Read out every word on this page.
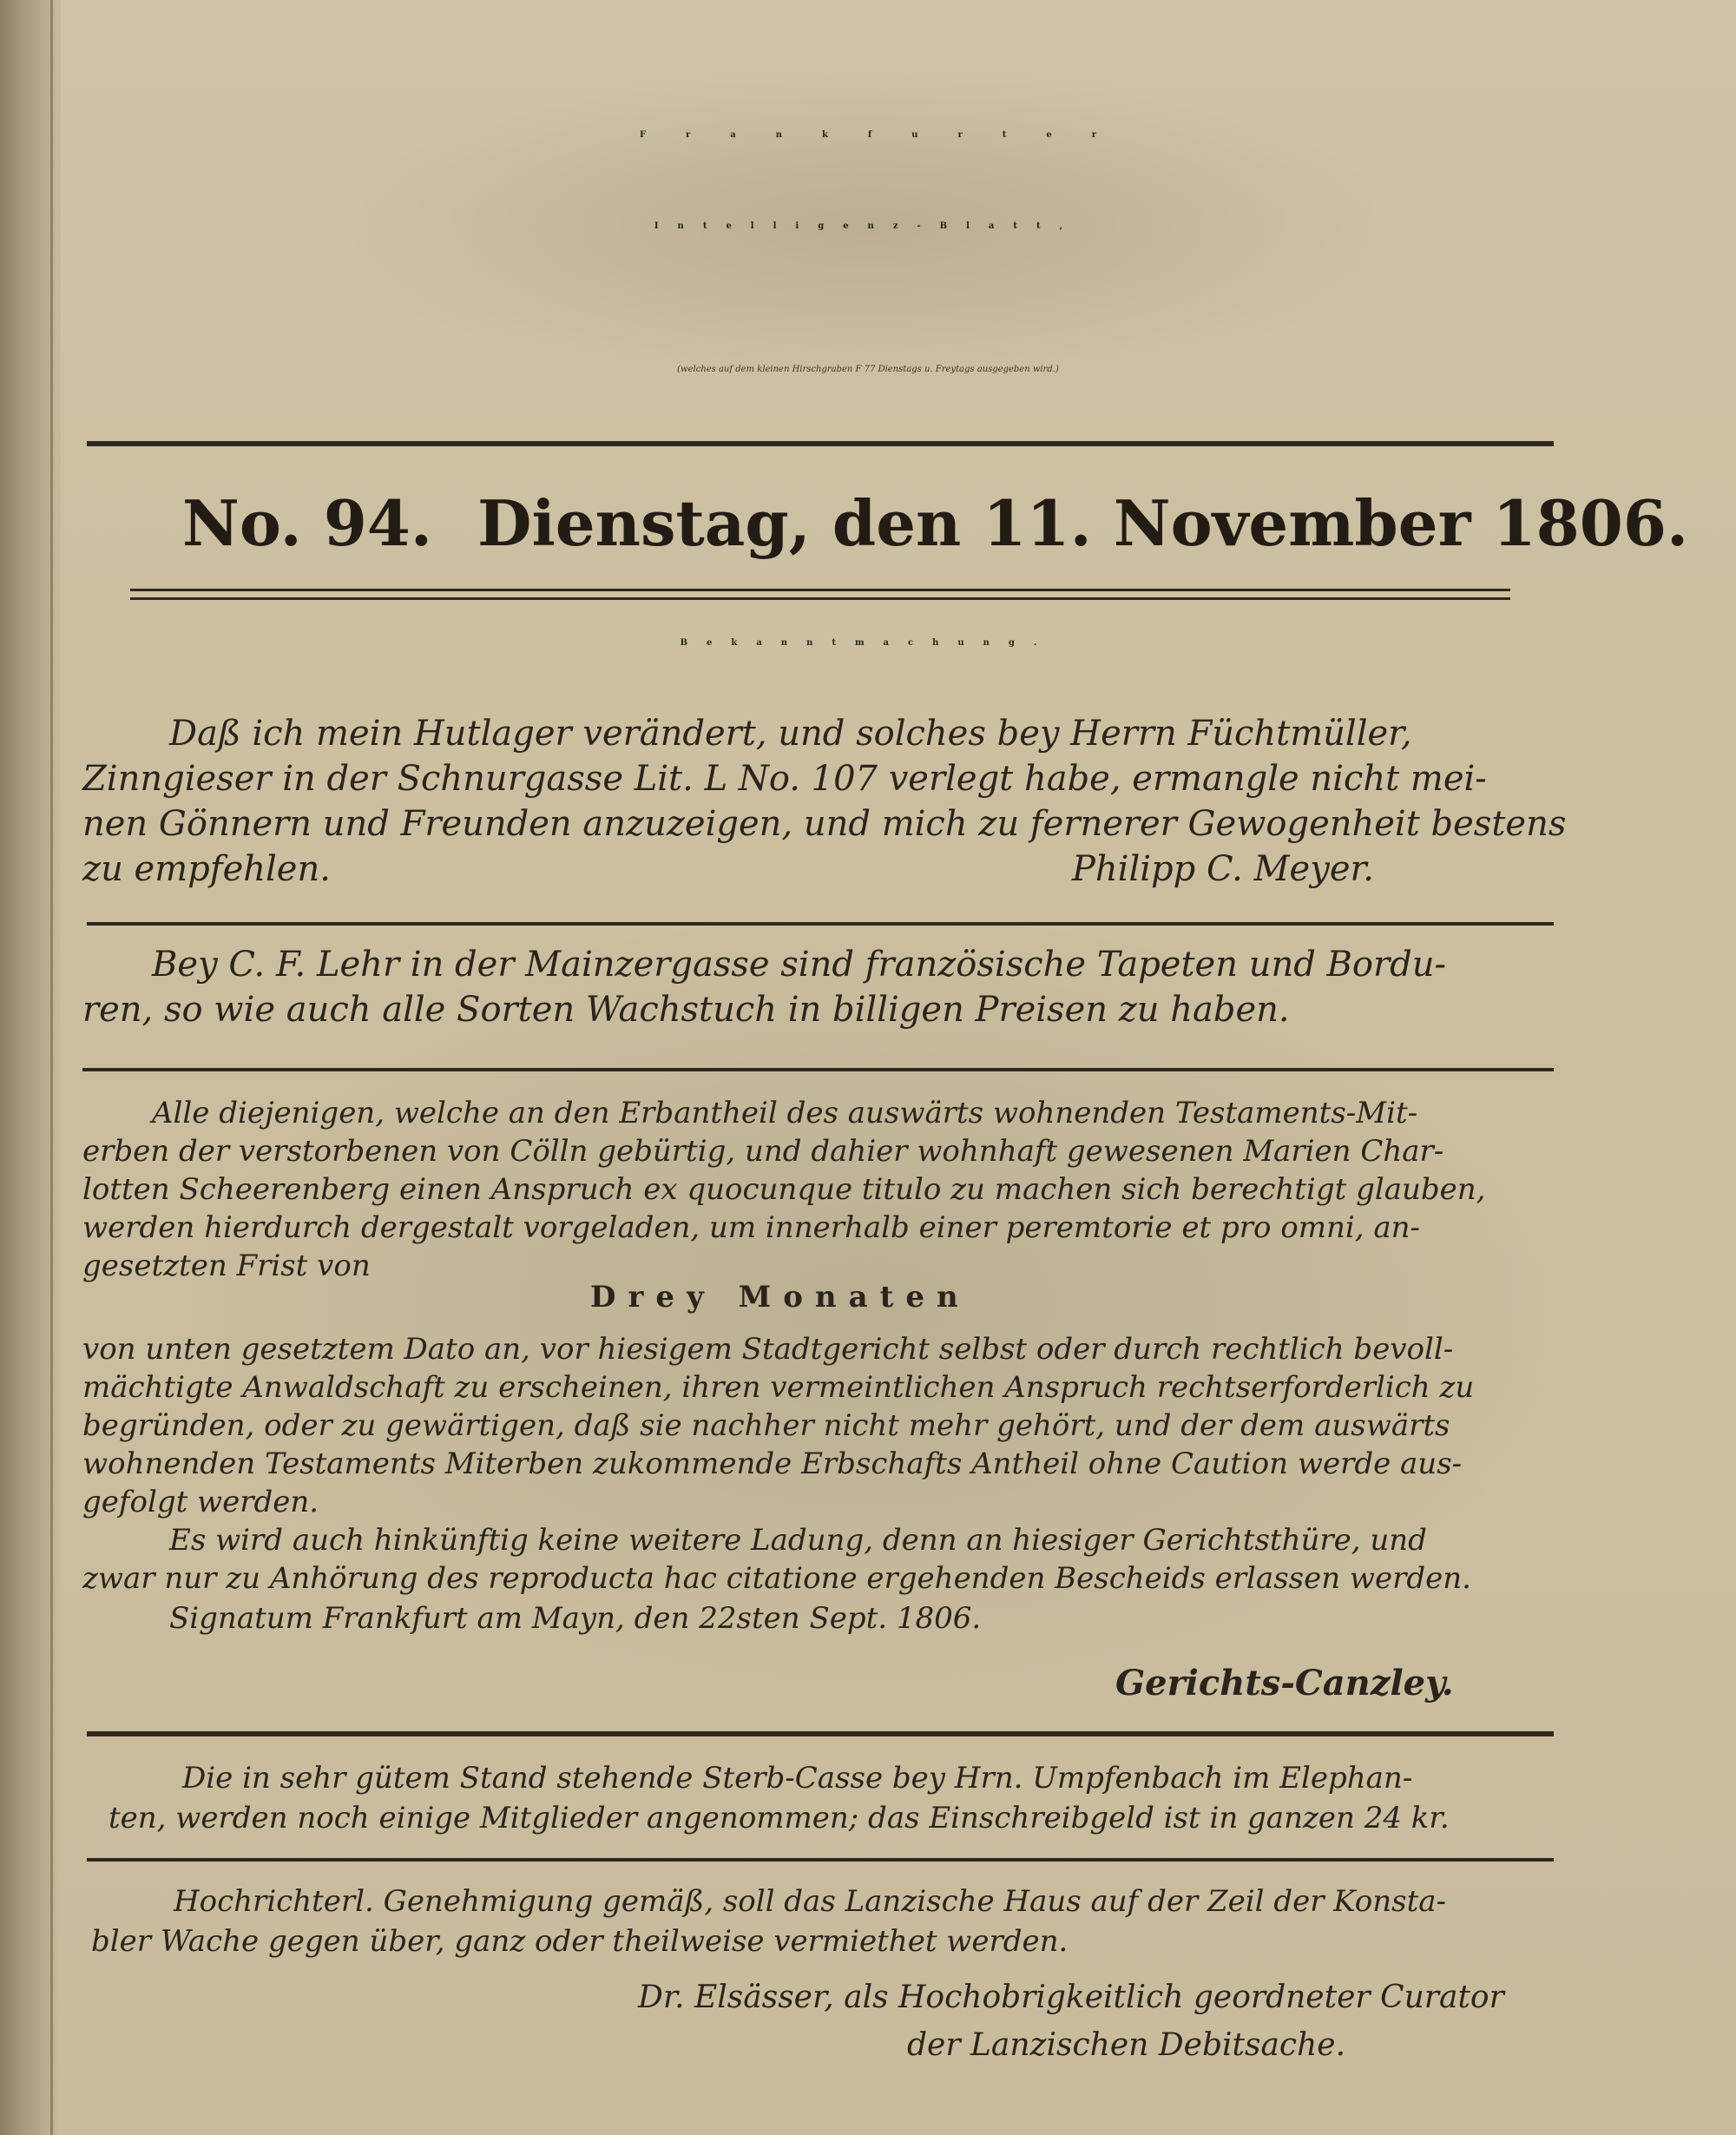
Frankfurter
Intelligenz-Blatt,
(welches auf dem kleinen Hirschgraben F 77 Dienstags u. Freytags ausgegeben wird.)
No. 94. Dienstag, den 11. November 1806.
Bekanntmachung.
Daß ich mein Hutlager verändert, und solches bey Herrn Füchtmüller,
Zinngieser in der Schnurgasse Lit. L No. 107 verlegt habe, ermangle nicht mei-
nen Gönnern und Freunden anzuzeigen, und mich zu fernerer Gewogenheit bestens
zu empfehlen.	Philipp C. Meyer.
Bey C. F. Lehr in der Mainzergasse sind französische Tapeten und Bordu-
ren, so wie auch alle Sorten Wachstuch in billigen Preisen zu haben.
Alle diejenigen, welche an den Erbantheil des auswärts wohnenden Testaments-Mit-
erben der verstorbenen von Cölln gebürtig, und dahier wohnhaft gewesenen Marien Char-
lotten Scheerenberg einen Anspruch ex quocunque titulo zu machen sich berechtigt glauben,
werden hierdurch dergestalt vorgeladen, um innerhalb einer peremtorie et pro omni, an-
gesetzten Frist von
Drey Monaten
von unten gesetztem Dato an, vor hiesigem Stadtgericht selbst oder durch rechtlich bevoll-
mächtigte Anwaldschaft zu erscheinen, ihren vermeintlichen Anspruch rechtserforderlich zu
begründen, oder zu gewärtigen, daß sie nachher nicht mehr gehört, und der dem auswärts
wohnenden Testaments Miterben zukommende Erbschafts Antheil ohne Caution werde aus-
gefolgt werden.
Es wird auch hinkünftig keine weitere Ladung, denn an hiesiger Gerichtsthüre, und
zwar nur zu Anhörung des reproducta hac citatione ergehenden Bescheids erlassen werden.
Signatum Frankfurt am Mayn, den 22sten Sept. 1806.
Gerichts-Canzley.
Die in sehr gütem Stand stehende Sterb-Casse bey Hrn. Umpfenbach im Elephan-
ten, werden noch einige Mitglieder angenommen; das Einschreibgeld ist in ganzen 24 kr.
Hochrichterl. Genehmigung gemäß, soll das Lanzische Haus auf der Zeil der Konsta-
bler Wache gegen über, ganz oder theilweise vermiethet werden.
Dr. Elsässer, als Hochobrigkeitlich geordneter Curator
der Lanzischen Debitsache.
